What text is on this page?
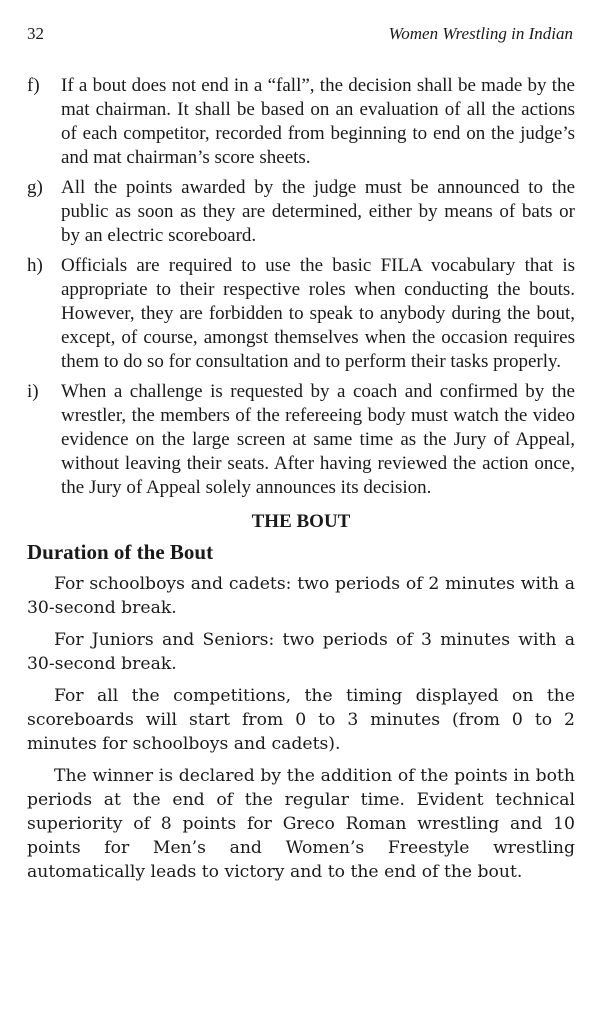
32	Women Wrestling in Indian
f)	If a bout does not end in a “fall”, the decision shall be made by the mat chairman. It shall be based on an evaluation of all the actions of each competitor, recorded from beginning to end on the judge’s and mat chairman’s score sheets.
g) All the points awarded by the judge must be announced to the public as soon as they are determined, either by means of bats or by an electric scoreboard.
h) Officials are required to use the basic FILA vocabulary that is appropriate to their respective roles when conducting the bouts. However, they are forbidden to speak to anybody during the bout, except, of course, amongst themselves when the occasion requires them to do so for consultation and to perform their tasks properly.
i)	When a challenge is requested by a coach and confirmed by the wrestler, the members of the refereeing body must watch the video evidence on the large screen at same time as the Jury of Appeal, without leaving their seats. After having reviewed the action once, the Jury of Appeal solely announces its decision.
THE BOUT
Duration of the Bout

For schoolboys and cadets: two periods of 2 minutes with a 30-second break.

For Juniors and Seniors: two periods of 3 minutes with a 30-second break.

For all the competitions, the timing displayed on the scoreboards will start from 0 to 3 minutes (from 0 to 2 minutes for schoolboys and cadets).

The winner is declared by the addition of the points in both periods at the end of the regular time. Evident technical superiority of 8 points for Greco Roman wrestling and 10 points for Men’s and Women’s Freestyle wrestling automatically leads to victory and to the end of the bout.
